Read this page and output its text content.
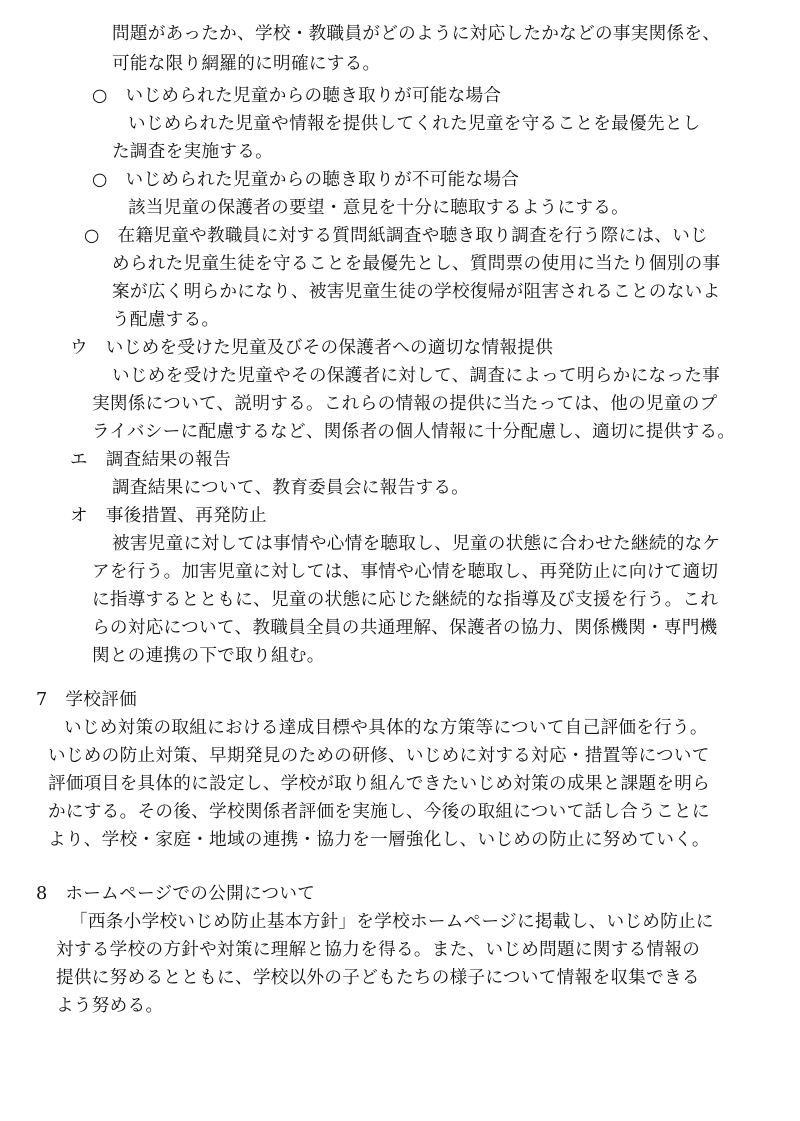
問題があったか、学校・教職員がどのように対応したかなどの事実関係を、
可能な限り網羅的に明確にする。
○　いじめられた児童からの聴き取りが可能な場合
いじめられた児童や情報を提供してくれた児童を守ることを最優先とし
た調査を実施する。
○　いじめられた児童からの聴き取りが不可能な場合
該当児童の保護者の要望・意見を十分に聴取するようにする。
○　在籍児童や教職員に対する質問紙調査や聴き取り調査を行う際には、いじ
められた児童生徒を守ることを最優先とし、質問票の使用に当たり個別の事
案が広く明らかになり、被害児童生徒の学校復帰が阻害されることのないよ
う配慮する。
ウ　いじめを受けた児童及びその保護者への適切な情報提供
いじめを受けた児童やその保護者に対して、調査によって明らかになった事
実関係について、説明する。これらの情報の提供に当たっては、他の児童のプ
ライバシーに配慮するなど、関係者の個人情報に十分配慮し、適切に提供する。
エ　調査結果の報告
調査結果について、教育委員会に報告する。
オ　事後措置、再発防止
被害児童に対しては事情や心情を聴取し、児童の状態に合わせた継続的なケ
アを行う。加害児童に対しては、事情や心情を聴取し、再発防止に向けて適切
に指導するとともに、児童の状態に応じた継続的な指導及び支援を行う。これ
らの対応について、教職員全員の共通理解、保護者の協力、関係機関・専門機
関との連携の下で取り組む。
7　学校評価
いじめ対策の取組における達成目標や具体的な方策等について自己評価を行う。
いじめの防止対策、早期発見のための研修、いじめに対する対応・措置等について
評価項目を具体的に設定し、学校が取り組んできたいじめ対策の成果と課題を明ら
かにする。その後、学校関係者評価を実施し、今後の取組について話し合うことに
より、学校・家庭・地域の連携・協力を一層強化し、いじめの防止に努めていく。
8　ホームページでの公開について
「西条小学校いじめ防止基本方針」を学校ホームページに掲載し、いじめ防止に
対する学校の方針や対策に理解と協力を得る。また、いじめ問題に関する情報の
提供に努めるとともに、学校以外の子どもたちの様子について情報を収集できる
よう努める。
